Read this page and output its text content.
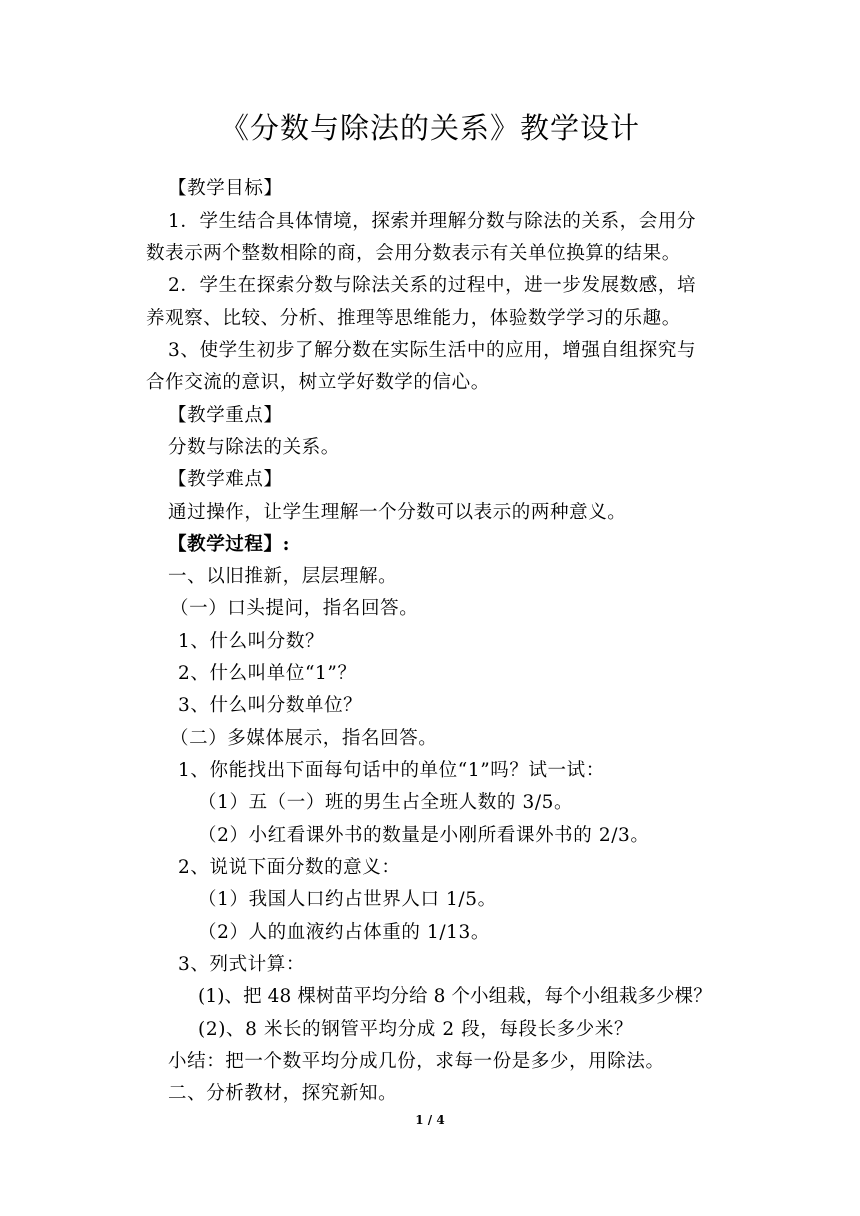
《分数与除法的关系》教学设计
【教学目标】
1．学生结合具体情境，探索并理解分数与除法的关系，会用分
数表示两个整数相除的商，会用分数表示有关单位换算的结果。
2．学生在探索分数与除法关系的过程中，进一步发展数感，培
养观察、比较、分析、推理等思维能力，体验数学学习的乐趣。
3、使学生初步了解分数在实际生活中的应用，增强自组探究与
合作交流的意识，树立学好数学的信心。
【教学重点】
分数与除法的关系。
【教学难点】
通过操作，让学生理解一个分数可以表示的两种意义。
【教学过程】:
一、以旧推新，层层理解。
（一）口头提问，指名回答。
1、什么叫分数？
2、什么叫单位“1”？
3、什么叫分数单位？
（二）多媒体展示，指名回答。
1、你能找出下面每句话中的单位“1”吗？试一试：
（1）五（一）班的男生占全班人数的 3/5。
（2）小红看课外书的数量是小刚所看课外书的 2/3。
2、说说下面分数的意义：
（1）我国人口约占世界人口 1/5。
（2）人的血液约占体重的 1/13。
3、列式计算：
(1)、把 48 棵树苗平均分给 8 个小组栽，每个小组栽多少棵？
(2)、8 米长的钢管平均分成 2 段，每段长多少米？
小结：把一个数平均分成几份，求每一份是多少，用除法。
二、分析教材，探究新知。
1 / 4
